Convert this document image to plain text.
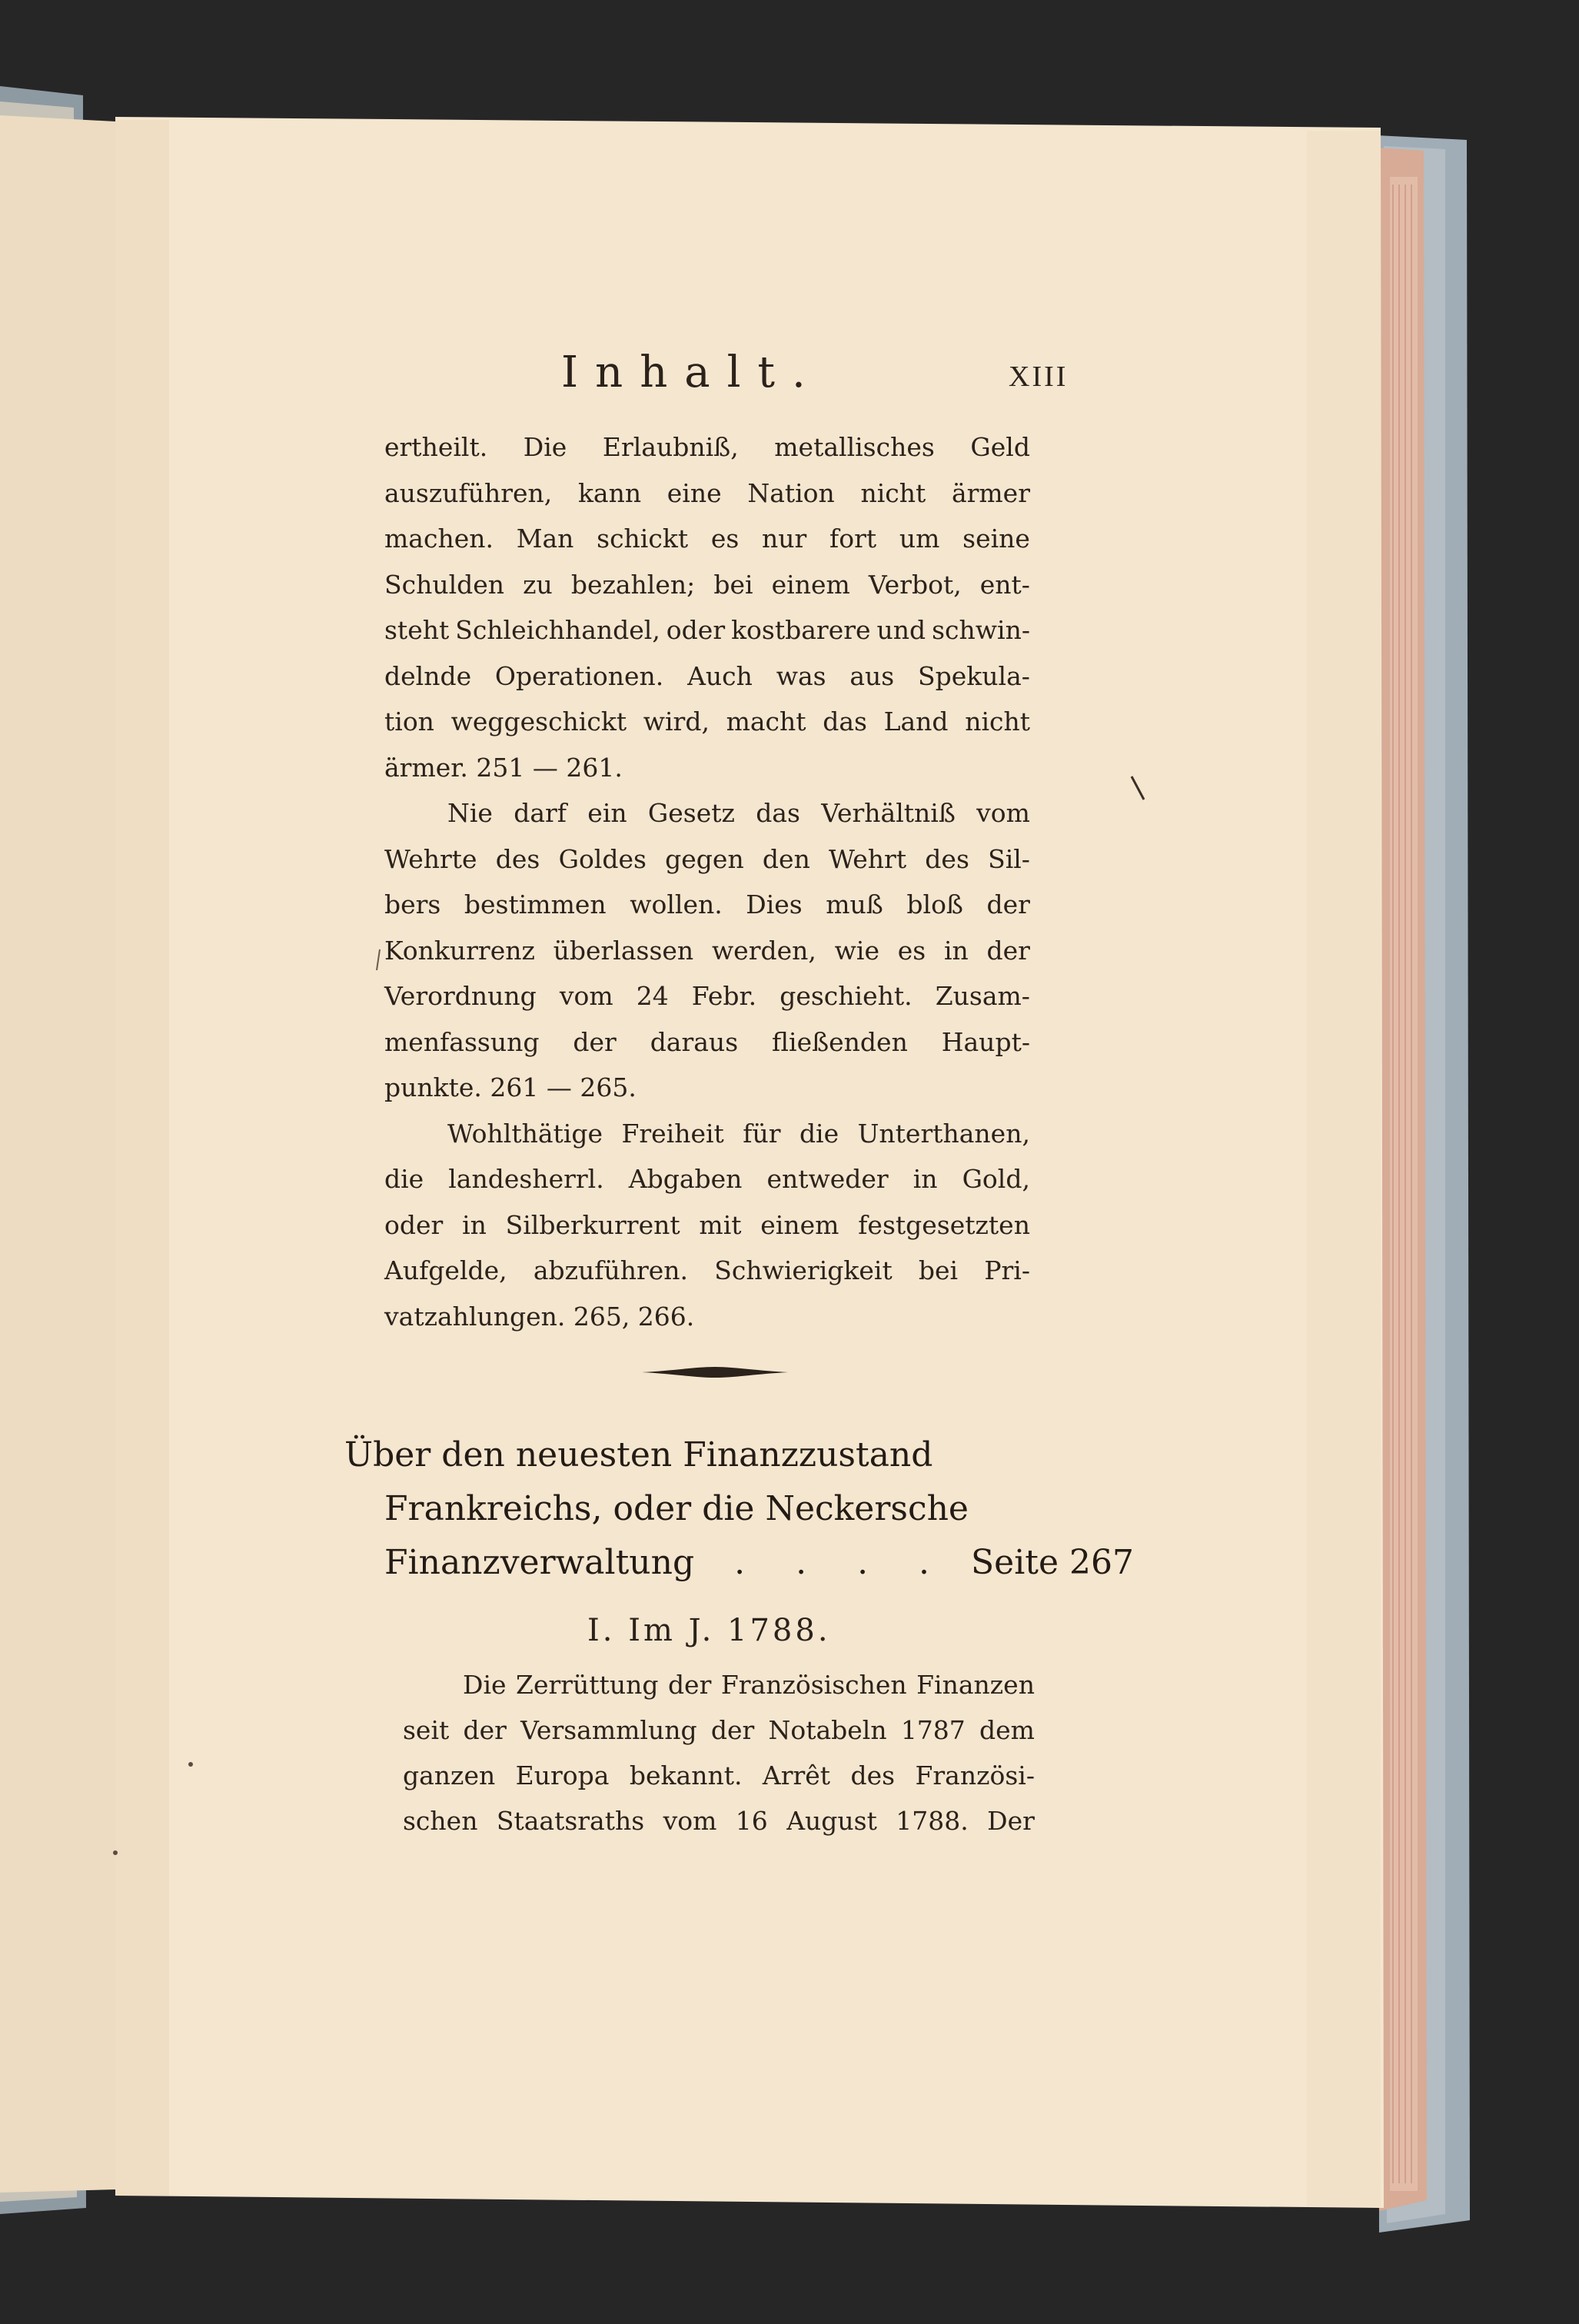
Inhalt.	XIII
ertheilt. Die Erlaubniß, metallisches Geld
auszuführen, kann eine Nation nicht ärmer
machen. Man schickt es nur fort um seine
Schulden zu bezahlen; bei einem Verbot, ent-
steht Schleichhandel, oder kostbarere und schwin-
delnde Operationen. Auch was aus Spekula-
tion weggeschickt wird, macht das Land nicht
ärmer. 251 — 261.
Nie darf ein Gesetz das Verhältniß vom
Wehrte des Goldes gegen den Wehrt des Sil-
bers bestimmen wollen. Dies muß bloß der
Konkurrenz überlassen werden, wie es in der
Verordnung vom 24 Febr. geschieht. Zusam-
menfassung der daraus fließenden Haupt-
punkte. 261 — 265.
Wohlthätige Freiheit für die Unterthanen,
die landesherrl. Abgaben entweder in Gold,
oder in Silberkurrent mit einem festgesetzten
Aufgelde, abzuführen. Schwierigkeit bei Pri-
vatzahlungen. 265, 266.
Über den neuesten Finanzzustand
Frankreichs, oder die Neckersche
Finanzverwaltung . . . . Seite 267
I. Im J. 1788.
Die Zerrüttung der Französischen Finanzen
seit der Versammlung der Notabeln 1787 dem
ganzen Europa bekannt. Arrêt des Französi-
schen Staatsraths vom 16 August 1788. Der
